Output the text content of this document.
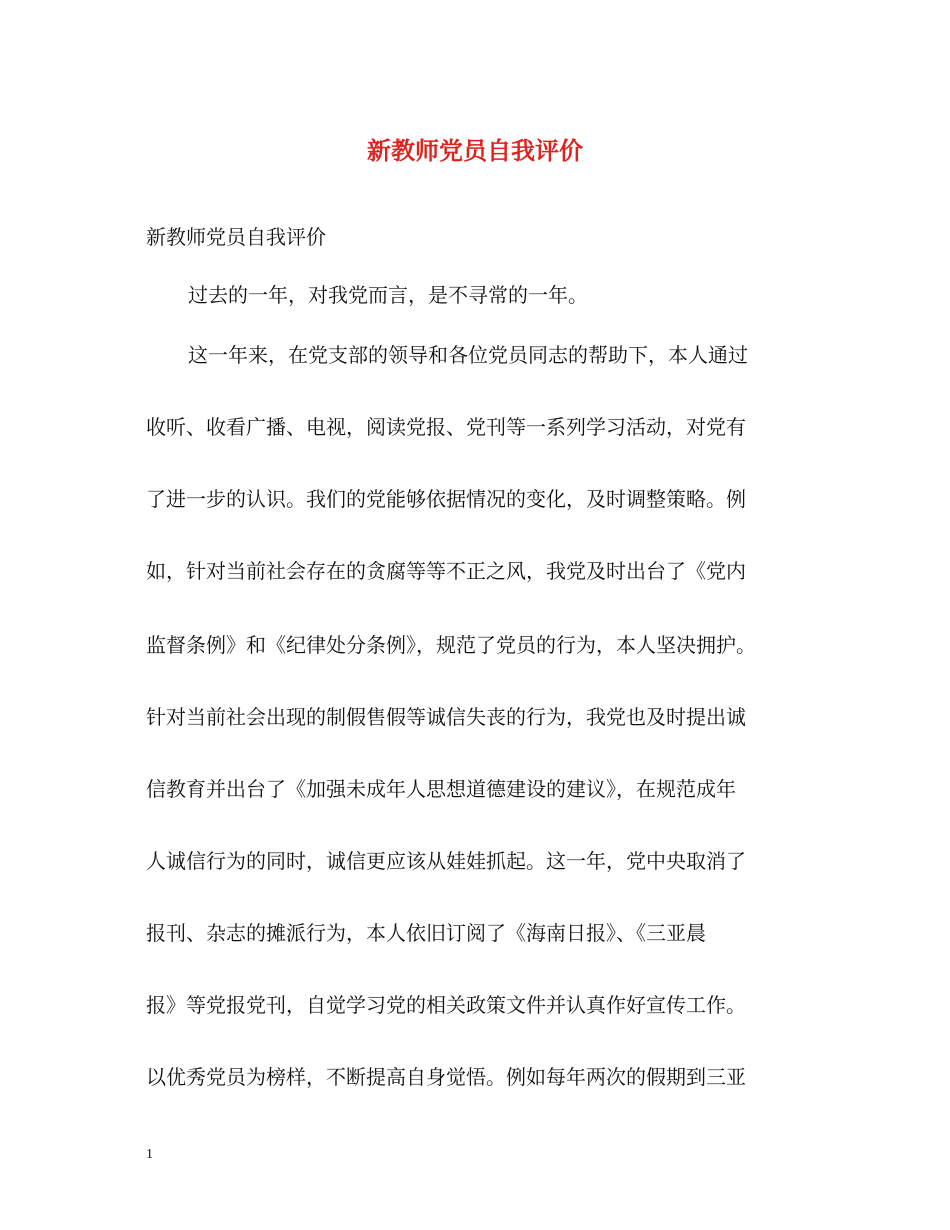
新教师党员自我评价
新教师党员自我评价
过去的一年，对我党而言，是不寻常的一年。
这一年来，在党支部的领导和各位党员同志的帮助下，本人通过
收听、收看广播、电视，阅读党报、党刊等一系列学习活动，对党有
了进一步的认识。我们的党能够依据情况的变化，及时调整策略。例
如，针对当前社会存在的贪腐等等不正之风，我党及时出台了《党内
监督条例》和《纪律处分条例》，规范了党员的行为，本人坚决拥护。
针对当前社会出现的制假售假等诚信失丧的行为，我党也及时提出诚
信教育并出台了《加强未成年人思想道德建设的建议》，在规范成年
人诚信行为的同时，诚信更应该从娃娃抓起。这一年，党中央取消了
报刊、杂志的摊派行为，本人依旧订阅了《海南日报》、《三亚晨
报》等党报党刊，自觉学习党的相关政策文件并认真作好宣传工作。
以优秀党员为榜样，不断提高自身觉悟。例如每年两次的假期到三亚
1
